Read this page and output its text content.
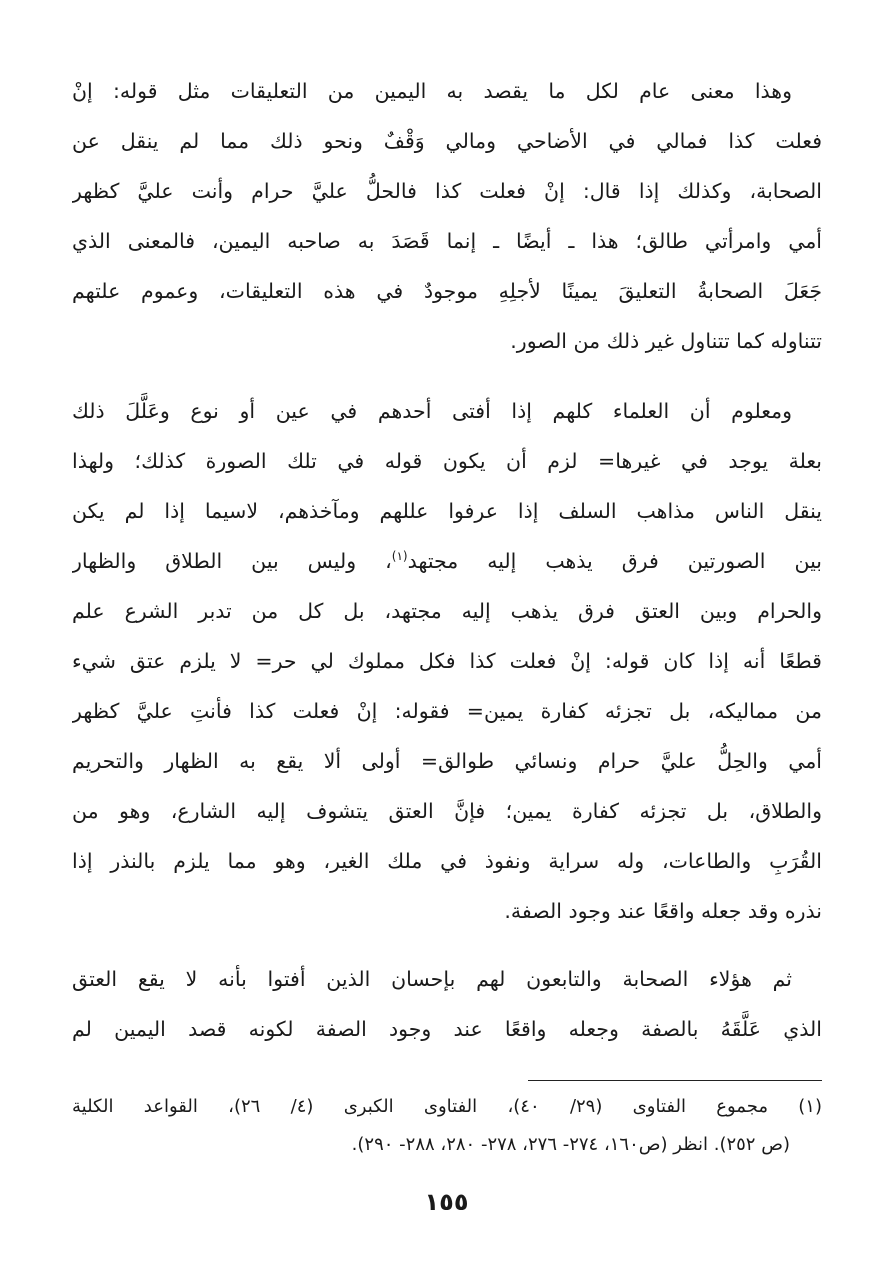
وهذا معنى عام لكل ما يقصد به اليمين من التعليقات مثل قوله: إنْ
فعلت كذا فمالي في الأضاحي ومالي وَقْفٌ ونحو ذلك مما لم ينقل عن
الصحابة، وكذلك إذا قال: إنْ فعلت كذا فالحلُّ عليَّ حرام وأنت عليَّ كظهر
أمي وامرأتي طالق؛ هذا ـ أيضًا ـ إنما قَصَدَ به صاحبه اليمين، فالمعنى الذي
جَعَلَ الصحابةُ التعليقَ يمينًا لأجلِهِ موجودٌ في هذه التعليقات، وعموم علتهم
تتناوله كما تتناول غير ذلك من الصور.
ومعلوم أن العلماء كلهم إذا أفتى أحدهم في عين أو نوع وعَلَّلَ ذلك
بعلة يوجد في غيرها= لزم أن يكون قوله في تلك الصورة كذلك؛ ولهذا
ينقل الناس مذاهب السلف إذا عرفوا عللهم ومآخذهم، لاسيما إذا لم يكن
بين الصورتين فرق يذهب إليه مجتهد$^{(١)}$، وليس بين الطلاق والظهار
والحرام وبين العتق فرق يذهب إليه مجتهد، بل كل من تدبر الشرع علم
قطعًا أنه إذا كان قوله: إنْ فعلت كذا فكل مملوك لي حر= لا يلزم عتق شيء
من مماليكه، بل تجزئه كفارة يمين= فقوله: إنْ فعلت كذا فأنتِ عليَّ كظهر
أمي والحِلُّ عليَّ حرام ونسائي طوالق= أولى ألا يقع به الظهار والتحريم
والطلاق، بل تجزئه كفارة يمين؛ فإنَّ العتق يتشوف إليه الشارع، وهو من
القُرَبِ والطاعات، وله سراية ونفوذ في ملك الغير، وهو مما يلزم بالنذر إذا
نذره وقد جعله واقعًا عند وجود الصفة.
ثم هؤلاء الصحابة والتابعون لهم بإحسان الذين أفتوا بأنه لا يقع العتق
الذي عَلَّقَهُ بالصفة وجعله واقعًا عند وجود الصفة لكونه قصد اليمين لم
(١) مجموع الفتاوى (٢٩/ ٤٠)، الفتاوى الكبرى (٤/ ٢٦)، القواعد الكلية
(ص ٢٥٢). انظر (ص١٦٠، ٢٧٤- ٢٧٦، ٢٧٨- ٢٨٠، ٢٨٨- ٢٩٠).
١٥٥
